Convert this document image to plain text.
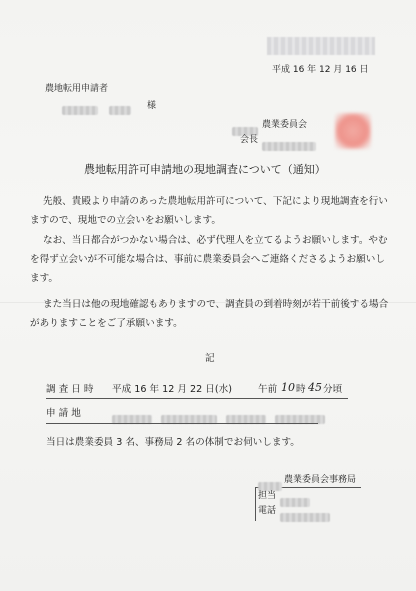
平成 16 年 12 月 16 日
農地転用申請者

様
農業委員会
会長
農地転用許可申請地の現地調査について（通知）
先般、貴殿より申請のあった農地転用許可について、下記により現地調査を行い
ますので、現地での立会いをお願いします。
なお、当日都合がつかない場合は、必ず代理人を立てるようお願いします。やむ
を得ず立会いが不可能な場合は、事前に農業委員会へご連絡くださるようお願いし
ます。
また当日は他の現地確認もありますので、調査員の到着時刻が若干前後する場合
がありますことをご了承願います。
記
調 査 日 時 平成 16 年 12 月 22 日(水)	午前 10 時 45 分頃
申 請 地

当日は農業委員 3 名、事務局 2 名の体制でお伺いします。
農業委員会事務局
担当
電話
